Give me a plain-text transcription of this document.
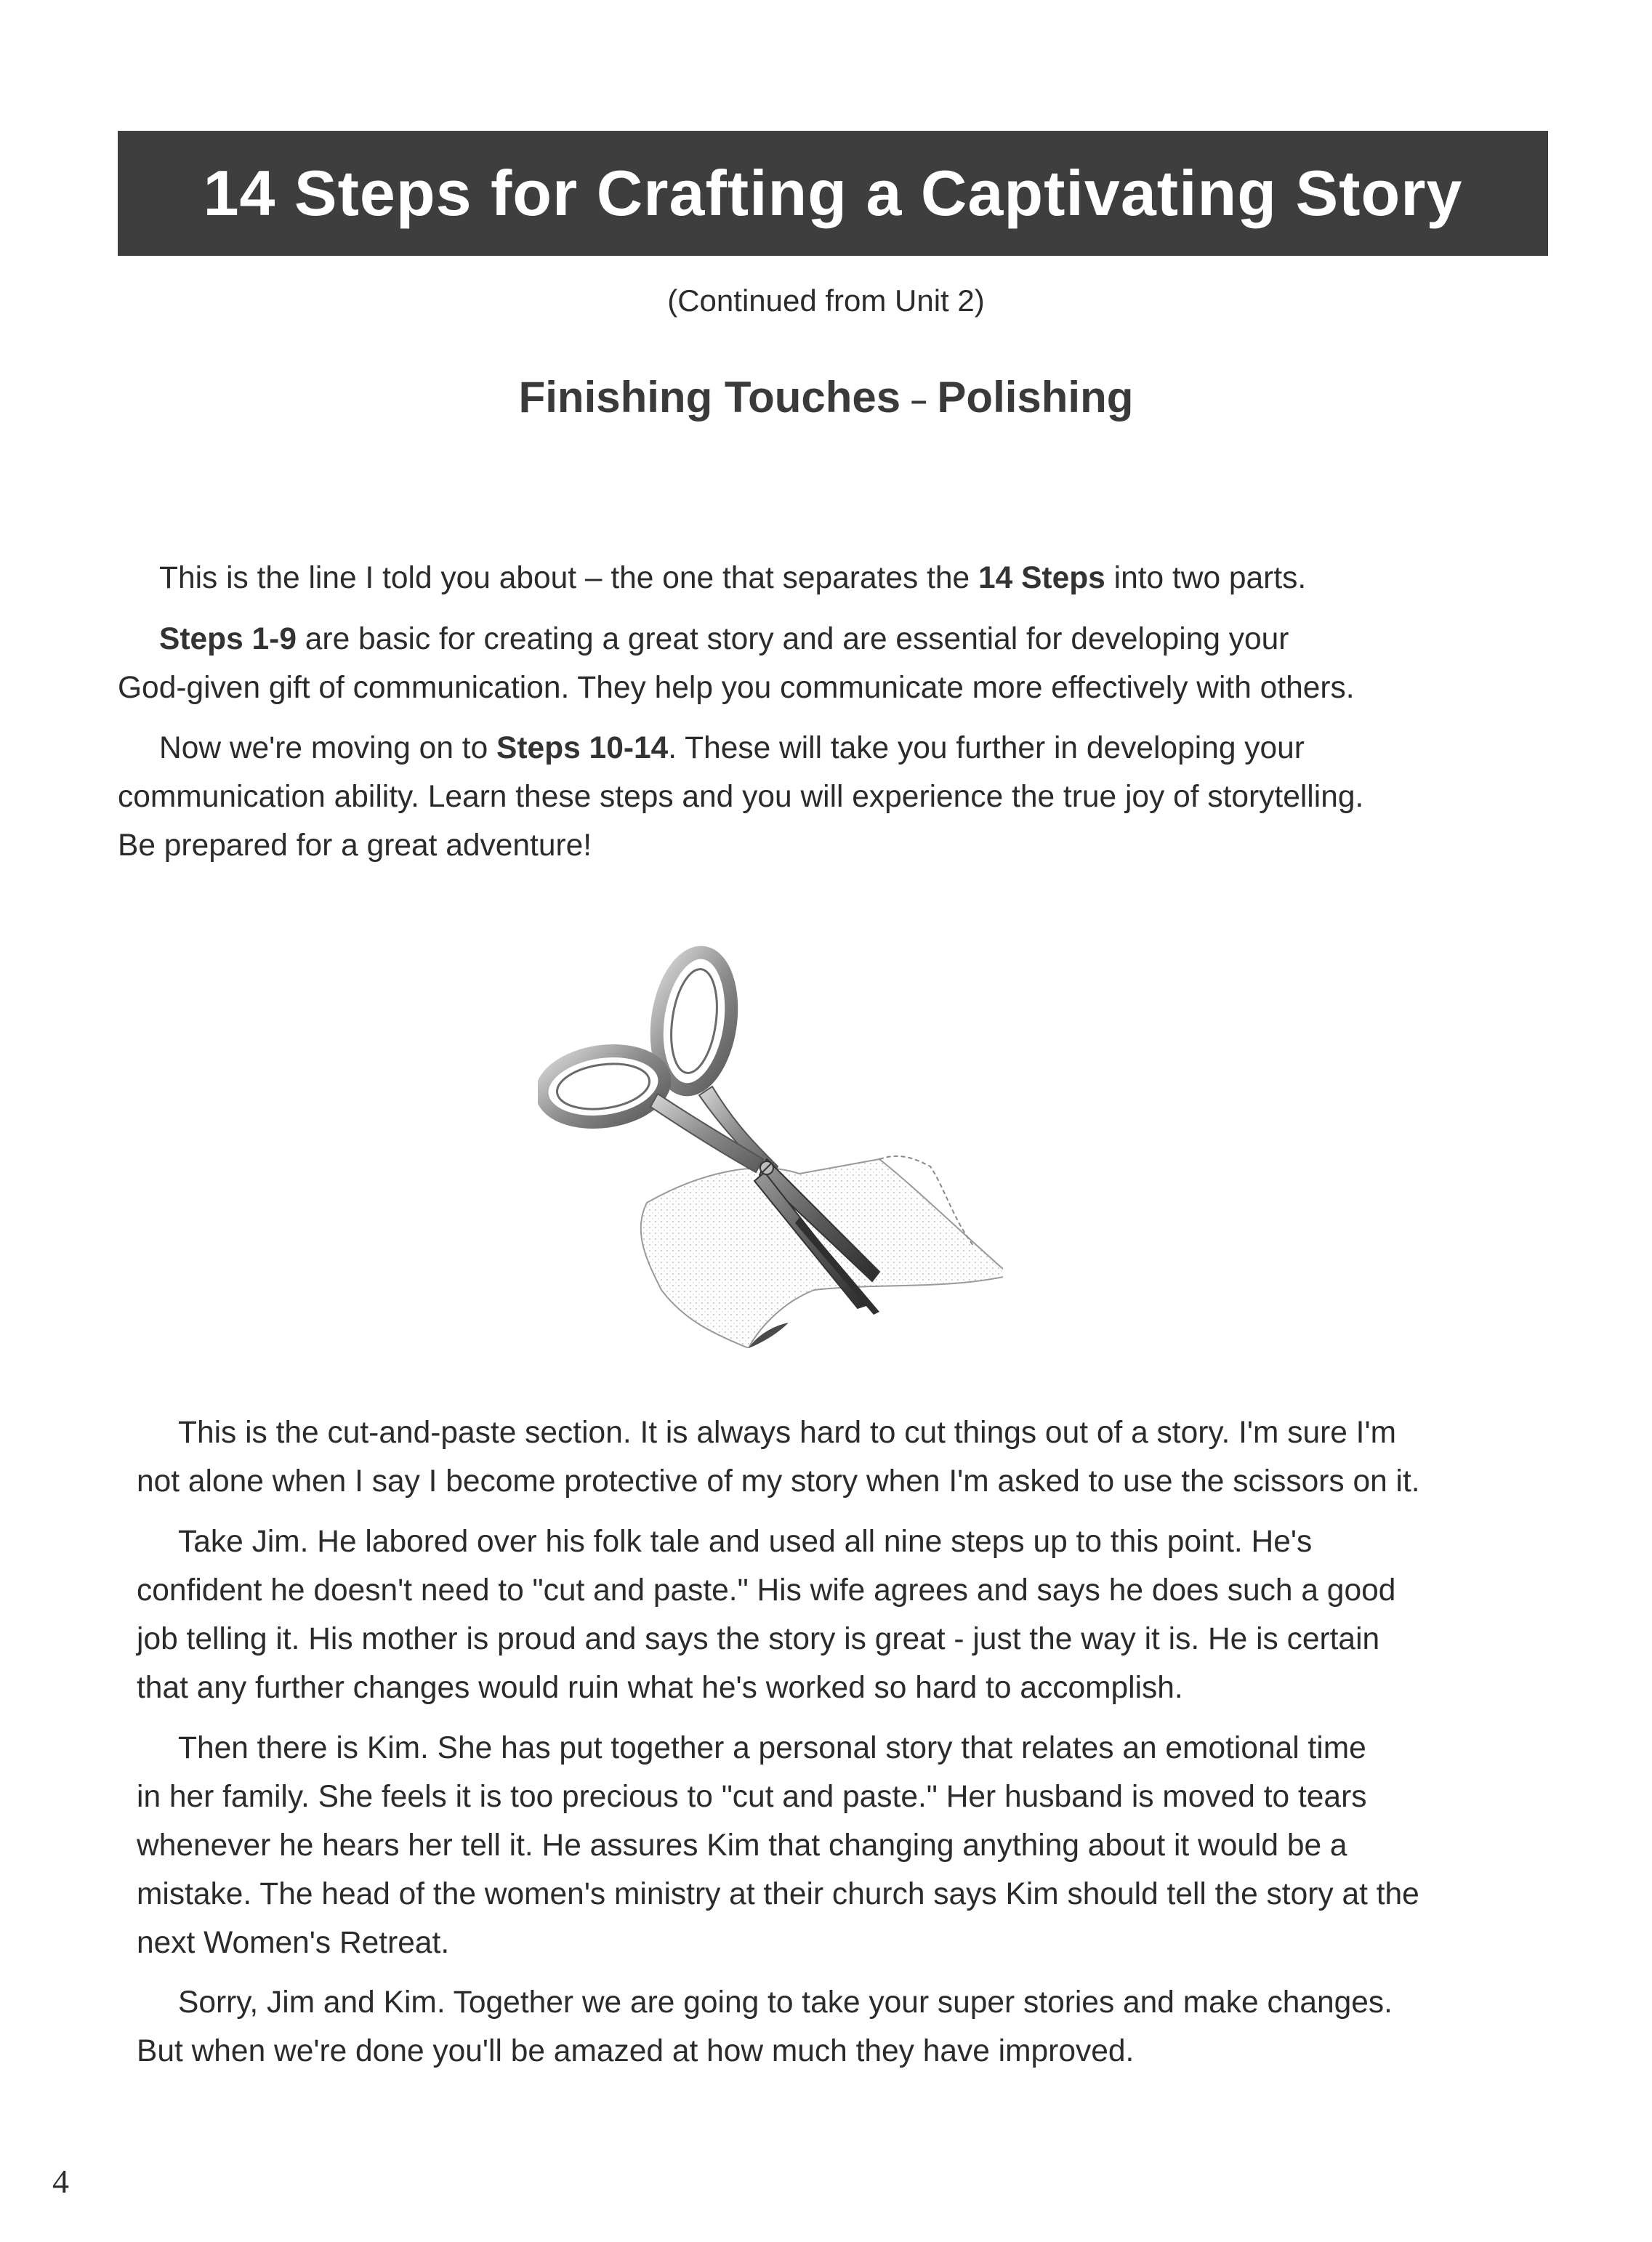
14 Steps for Crafting a Captivating Story
(Continued from Unit 2)
Finishing Touches – Polishing

This is the line I told you about – the one that separates the 14 Steps into two parts.

Steps 1-9 are basic for creating a great story and are essential for developing your
God-given gift of communication. They help you communicate more effectively with others.

Now we're moving on to Steps 10-14. These will take you further in developing your
communication ability. Learn these steps and you will experience the true joy of storytelling.
Be prepared for a great adventure!

This is the cut-and-paste section. It is always hard to cut things out of a story. I'm sure I'm
not alone when I say I become protective of my story when I'm asked to use the scissors on it.

Take Jim. He labored over his folk tale and used all nine steps up to this point. He's
confident he doesn't need to "cut and paste." His wife agrees and says he does such a good
job telling it. His mother is proud and says the story is great - just the way it is. He is certain
that any further changes would ruin what he's worked so hard to accomplish.

Then there is Kim. She has put together a personal story that relates an emotional time
in her family. She feels it is too precious to "cut and paste." Her husband is moved to tears
whenever he hears her tell it. He assures Kim that changing anything about it would be a
mistake. The head of the women's ministry at their church says Kim should tell the story at the
next Women's Retreat.

Sorry, Jim and Kim. Together we are going to take your super stories and make changes.
But when we're done you'll be amazed at how much they have improved.

4
